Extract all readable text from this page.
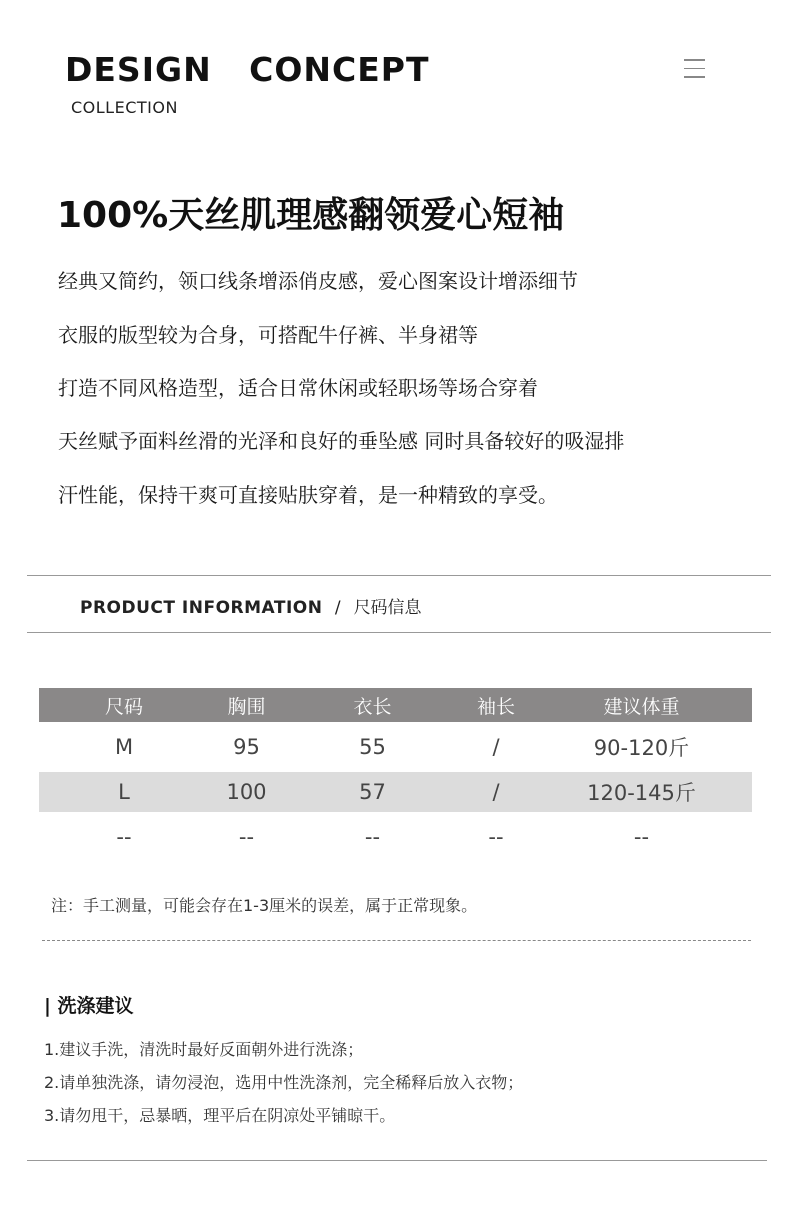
DESIGN   CONCEPT
COLLECTION
100%天丝肌理感翻领爱心短袖

经典又简约，领口线条增添俏皮感，爱心图案设计增添细节

衣服的版型较为合身，可搭配牛仔裤、半身裙等

打造不同风格造型，适合日常休闲或轻职场等场合穿着

天丝赋予面料丝滑的光泽和良好的垂坠感 同时具备较好的吸湿排

汗性能，保持干爽可直接贴肤穿着，是一种精致的享受。

PRODUCT INFORMATION / 尺码信息
尺码	胸围	衣长	袖长	建议体重
M	95	55	/	90-120斤
L	100	57	/	120-145斤
--	--	--	--	--
注：手工测量，可能会存在1-3厘米的误差，属于正常现象。
| 洗涤建议

1.建议手洗，清洗时最好反面朝外进行洗涤；

2.请单独洗涤，请勿浸泡，选用中性洗涤剂，完全稀释后放入衣物；

3.请勿甩干，忌暴晒，理平后在阴凉处平铺晾干。
